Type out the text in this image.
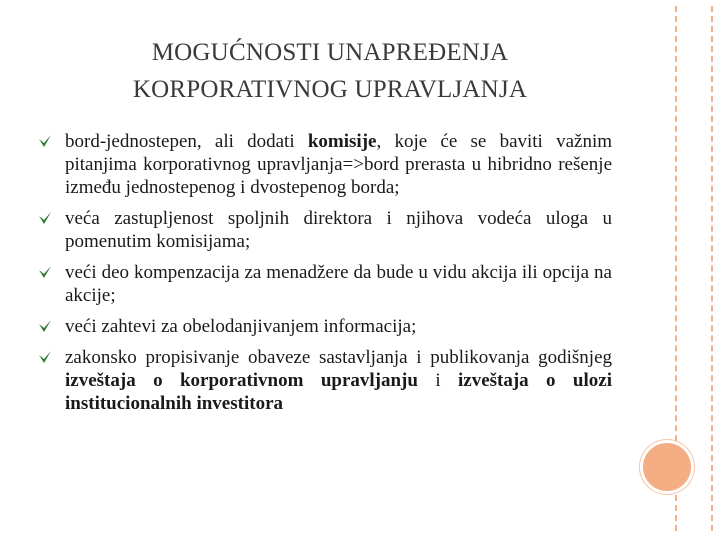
MOGUĆNOSTI UNAPREĐENJA
KORPORATIVNOG UPRAVLJANJA
bord-jednostepen, ali dodati komisije, koje će se baviti važnim pitanjima korporativnog upravljanja=>bord prerasta u hibridno rešenje između jednostepenog i dvostepenog borda;
veća zastupljenost spoljnih direktora i njihova vodeća uloga u pomenutim komisijama;
veći deo kompenzacija za menadžere da bude u vidu akcija ili opcija na akcije;
veći zahtevi za obelodanjivanjem informacija;
zakonsko propisivanje obaveze sastavljanja i publikovanja godišnjeg izveštaja o korporativnom upravljanju i izveštaja o ulozi institucionalnih investitora
